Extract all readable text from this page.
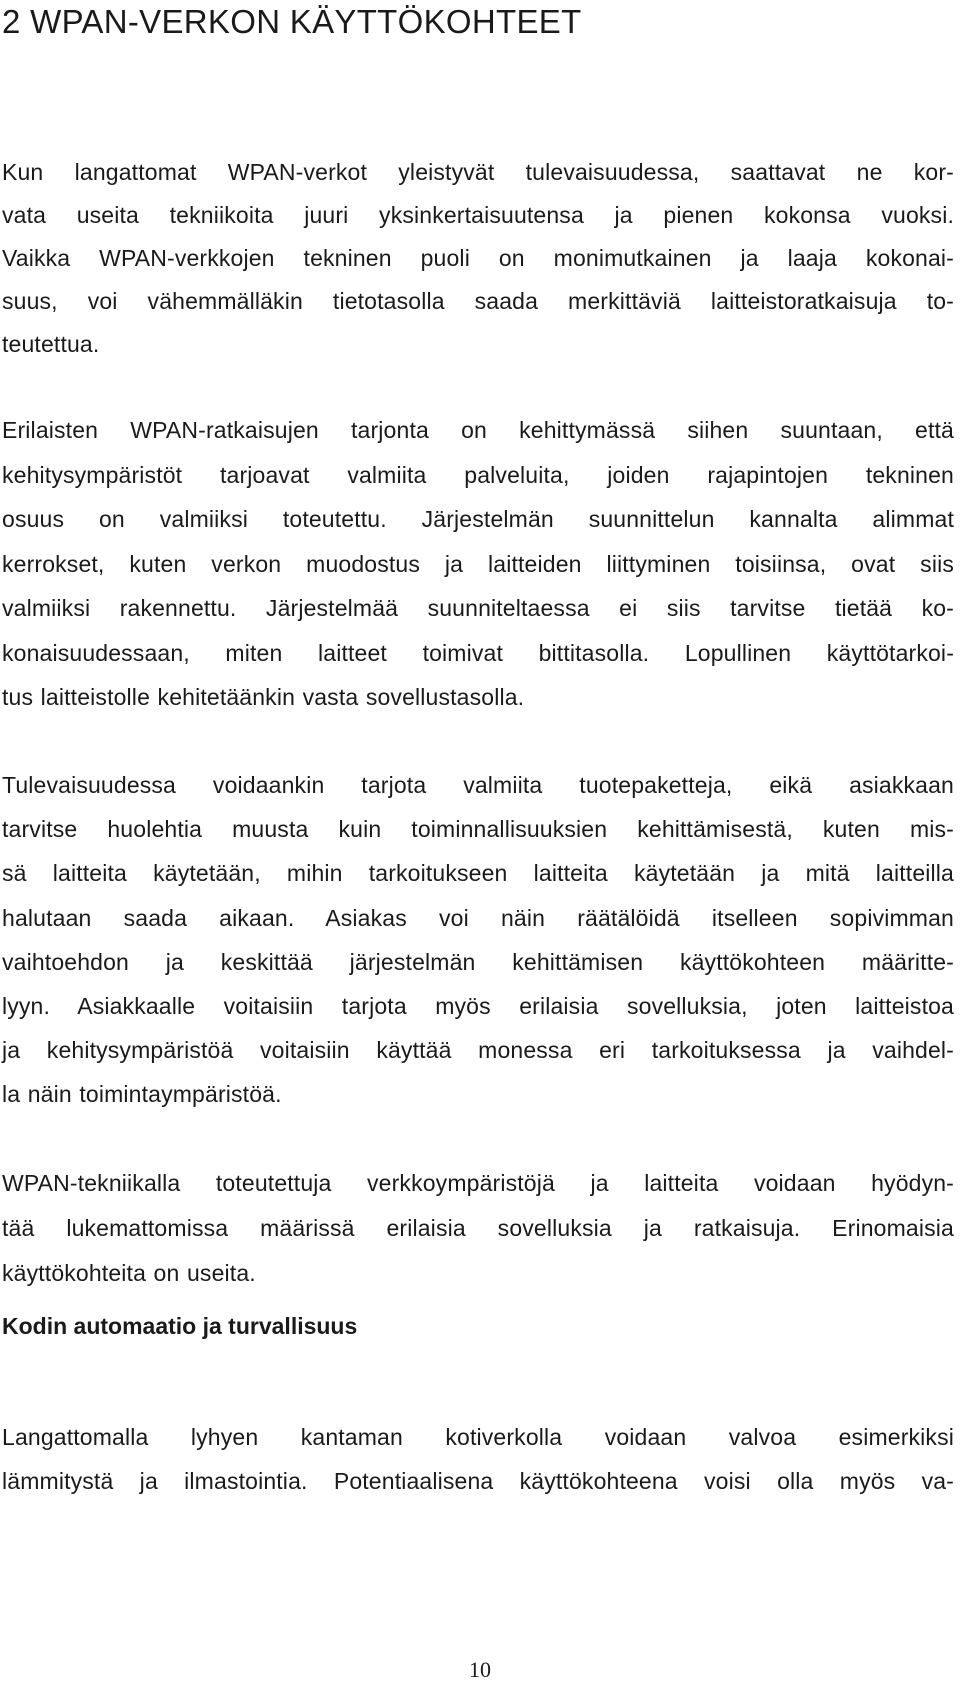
2 WPAN-VERKON KÄYTTÖKOHTEET

Kun langattomat WPAN-verkot yleistyvät tulevaisuudessa, saattavat ne kor-
vata useita tekniikoita juuri yksinkertaisuutensa ja pienen kokonsa vuoksi.
Vaikka WPAN-verkkojen tekninen puoli on monimutkainen ja laaja kokonai-
suus, voi vähemmälläkin tietotasolla saada merkittäviä laitteistoratkaisuja to-
teutettua.

Erilaisten WPAN-ratkaisujen tarjonta on kehittymässä siihen suuntaan, että
kehitysympäristöt tarjoavat valmiita palveluita, joiden rajapintojen tekninen
osuus on valmiiksi toteutettu. Järjestelmän suunnittelun kannalta alimmat
kerrokset, kuten verkon muodostus ja laitteiden liittyminen toisiinsa, ovat siis
valmiiksi rakennettu. Järjestelmää suunniteltaessa ei siis tarvitse tietää ko-
konaisuudessaan, miten laitteet toimivat bittitasolla. Lopullinen käyttötarkoi-
tus laitteistolle kehitetäänkin vasta sovellustasolla.

Tulevaisuudessa voidaankin tarjota valmiita tuotepaketteja, eikä asiakkaan
tarvitse huolehtia muusta kuin toiminnallisuuksien kehittämisestä, kuten mis-
sä laitteita käytetään, mihin tarkoitukseen laitteita käytetään ja mitä laitteilla
halutaan saada aikaan. Asiakas voi näin räätälöidä itselleen sopivimman
vaihtoehdon ja keskittää järjestelmän kehittämisen käyttökohteen määritte-
lyyn. Asiakkaalle voitaisiin tarjota myös erilaisia sovelluksia, joten laitteistoa
ja kehitysympäristöä voitaisiin käyttää monessa eri tarkoituksessa ja vaihdel-
la näin toimintaympäristöä.

WPAN-tekniikalla toteutettuja verkkoympäristöjä ja laitteita voidaan hyödyn-
tää lukemattomissa määrissä erilaisia sovelluksia ja ratkaisuja. Erinomaisia
käyttökohteita on useita.

Kodin automaatio ja turvallisuus

Langattomalla lyhyen kantaman kotiverkolla voidaan valvoa esimerkiksi
lämmitystä ja ilmastointia. Potentiaalisena käyttökohteena voisi olla myös va-

10
